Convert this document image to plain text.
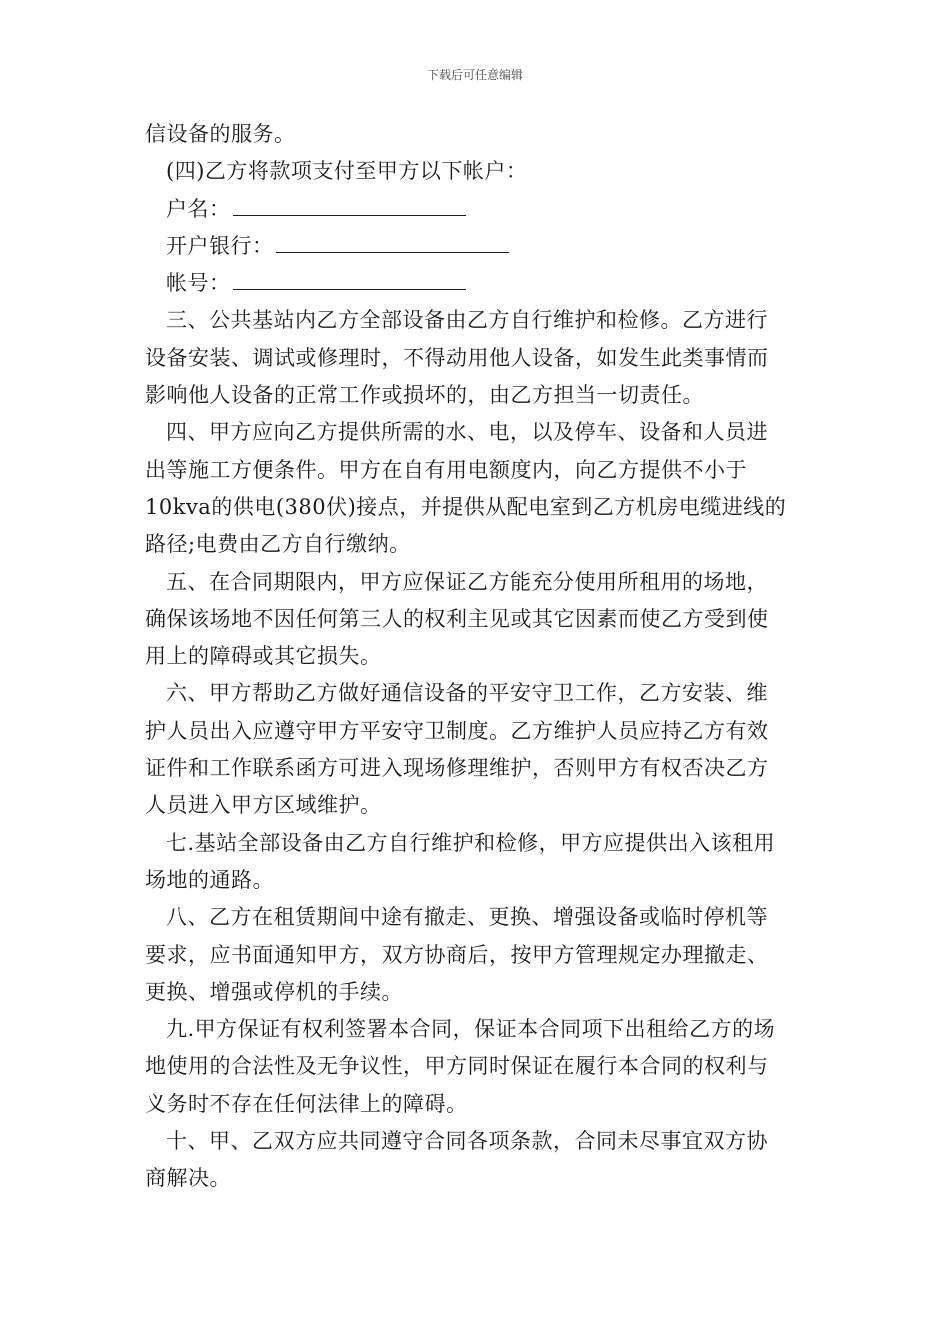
下载后可任意编辑
信设备的服务。
(四)乙方将款项支付至甲方以下帐户：
户名：
开户银行：
帐号：
三、公共基站内乙方全部设备由乙方自行维护和检修。乙方进行
设备安装、调试或修理时，不得动用他人设备，如发生此类事情而
影响他人设备的正常工作或损坏的，由乙方担当一切责任。
四、甲方应向乙方提供所需的水、电，以及停车、设备和人员进
出等施工方便条件。甲方在自有用电额度内，向乙方提供不小于
10kva的供电(380伏)接点，并提供从配电室到乙方机房电缆进线的
路径;电费由乙方自行缴纳。
五、在合同期限内，甲方应保证乙方能充分使用所租用的场地，
确保该场地不因任何第三人的权利主见或其它因素而使乙方受到使
用上的障碍或其它损失。
六、甲方帮助乙方做好通信设备的平安守卫工作，乙方安装、维
护人员出入应遵守甲方平安守卫制度。乙方维护人员应持乙方有效
证件和工作联系函方可进入现场修理维护，否则甲方有权否决乙方
人员进入甲方区域维护。
七.基站全部设备由乙方自行维护和检修，甲方应提供出入该租用
场地的通路。
八、乙方在租赁期间中途有撤走、更换、增强设备或临时停机等
要求，应书面通知甲方，双方协商后，按甲方管理规定办理撤走、
更换、增强或停机的手续。
九.甲方保证有权利签署本合同，保证本合同项下出租给乙方的场
地使用的合法性及无争议性，甲方同时保证在履行本合同的权利与
义务时不存在任何法律上的障碍。
十、甲、乙双方应共同遵守合同各项条款，合同未尽事宜双方协
商解决。
